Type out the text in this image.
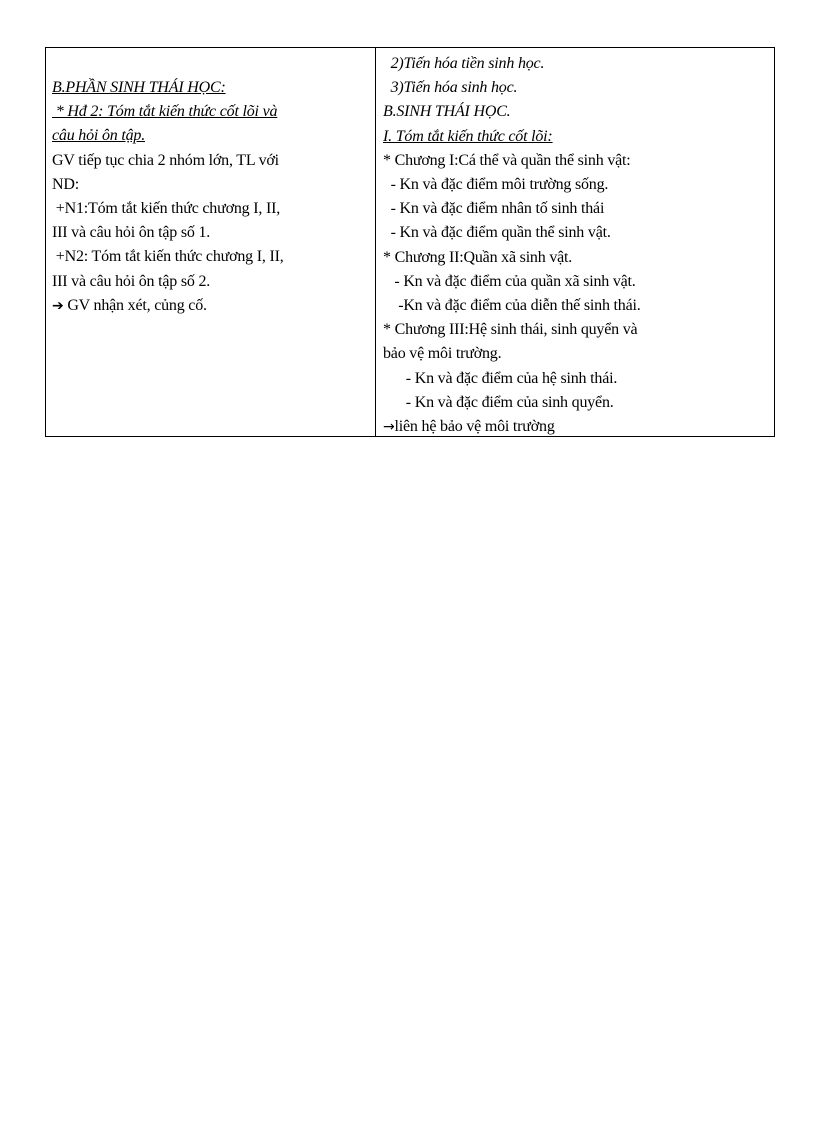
B.PHẦN SINH THÁI HỌC:
* Hđ 2: Tóm tắt kiến thức cốt lõi và
câu hỏi ôn tập.
GV tiếp tục chia 2 nhóm lớn, TL với
ND:
+N1:Tóm tắt kiến thức chương I, II,
III và câu hỏi ôn tập số 1.
+N2: Tóm tắt kiến thức chương I, II,
III và câu hỏi ôn tập số 2.
➔ GV nhận xét, củng cố.
2)Tiến hóa tiền sinh học.
3)Tiến hóa sinh học.
B.SINH THÁI HỌC.
I. Tóm tắt kiến thức cốt lõi:
* Chương I:Cá thể và quần thể sinh vật:
- Kn và đặc điểm môi trường sống.
- Kn và đặc điểm nhân tố sinh thái
- Kn và đặc điểm quần thể sinh vật.
* Chương II:Quần xã sinh vật.
- Kn và đặc điểm của quần xã sinh vật.
-Kn và đặc điểm của diễn thế sinh thái.
* Chương III:Hệ sinh thái, sinh quyển và
bảo vệ môi trường.
- Kn và đặc điểm của hệ sinh thái.
- Kn và đặc điểm của sinh quyển.
→liên hệ bảo vệ môi trường
